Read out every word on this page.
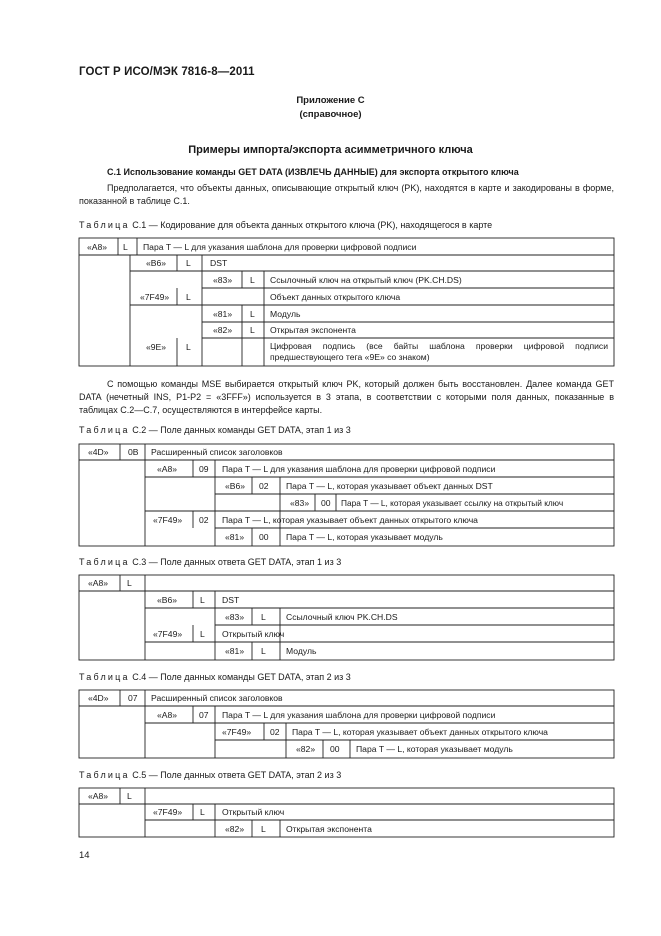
ГОСТ Р ИСО/МЭК 7816-8—2011
Приложение С
(справочное)
Примеры импорта/экспорта асимметричного ключа
С.1 Использование команды GET DATA (ИЗВЛЕЧЬ ДАННЫЕ) для экспорта открытого ключа
Предполагается, что объекты данных, описывающие открытый ключ (PK), находятся в карте и закодированы в форме, показанной в таблице С.1.
Таблица С.1 — Кодирование для объекта данных открытого ключа (PK), находящегося в карте
«A8» L Пара T — L для указания шаблона для проверки цифровой подписи
«B6» L DST
«83» L Ссылочный ключ на открытый ключ (PK.CH.DS)
«7F49» L	Объект данных открытого ключа
«81» L Модуль
«82» L Открытая экспонента
«9E» L	Цифровая подпись (все байты шаблона проверки цифровой подписи предшествующего тега «9E» со знаком)
С помощью команды MSE выбирается открытый ключ PK, который должен быть восстановлен. Далее команда GET DATA (нечетный INS, P1-P2 = «3FFF») используется в 3 этапа, в соответствии с которыми поля данных, показанные в таблицах С.2—С.7, осуществляются в интерфейсе карты.
Таблица С.2 — Поле данных команды GET DATA, этап 1 из 3
«4D» 0B Расширенный список заголовков
«A8»	09 Пара T — L для указания шаблона для проверки цифровой подписи
«B6» 02 Пара T — L, которая указывает объект данных DST
«83» 00 Пара T — L, которая указывает ссылку на открытый ключ
«7F49» 02 Пара T — L, которая указывает объект данных открытого ключа
«81» 00 Пара T — L, которая указывает модуль
Таблица С.3 — Поле данных ответа GET DATA, этап 1 из 3
«A8» L
«B6»	L DST
«83» L Ссылочный ключ PK.CH.DS
«7F49» L Открытый ключ
«81» L Модуль
Таблица С.4 — Поле данных команды GET DATA, этап 2 из 3
«4D» 07 Расширенный список заголовков
«A8»	07 Пара T — L для указания шаблона для проверки цифровой подписи
«7F49» 02 Пара T — L, которая указывает объект данных открытого ключа
«82» 00 Пара T — L, которая указывает модуль
Таблица С.5 — Поле данных ответа GET DATA, этап 2 из 3
«A8» L
«7F49» L Открытый ключ
«82» L Открытая экспонента
14
